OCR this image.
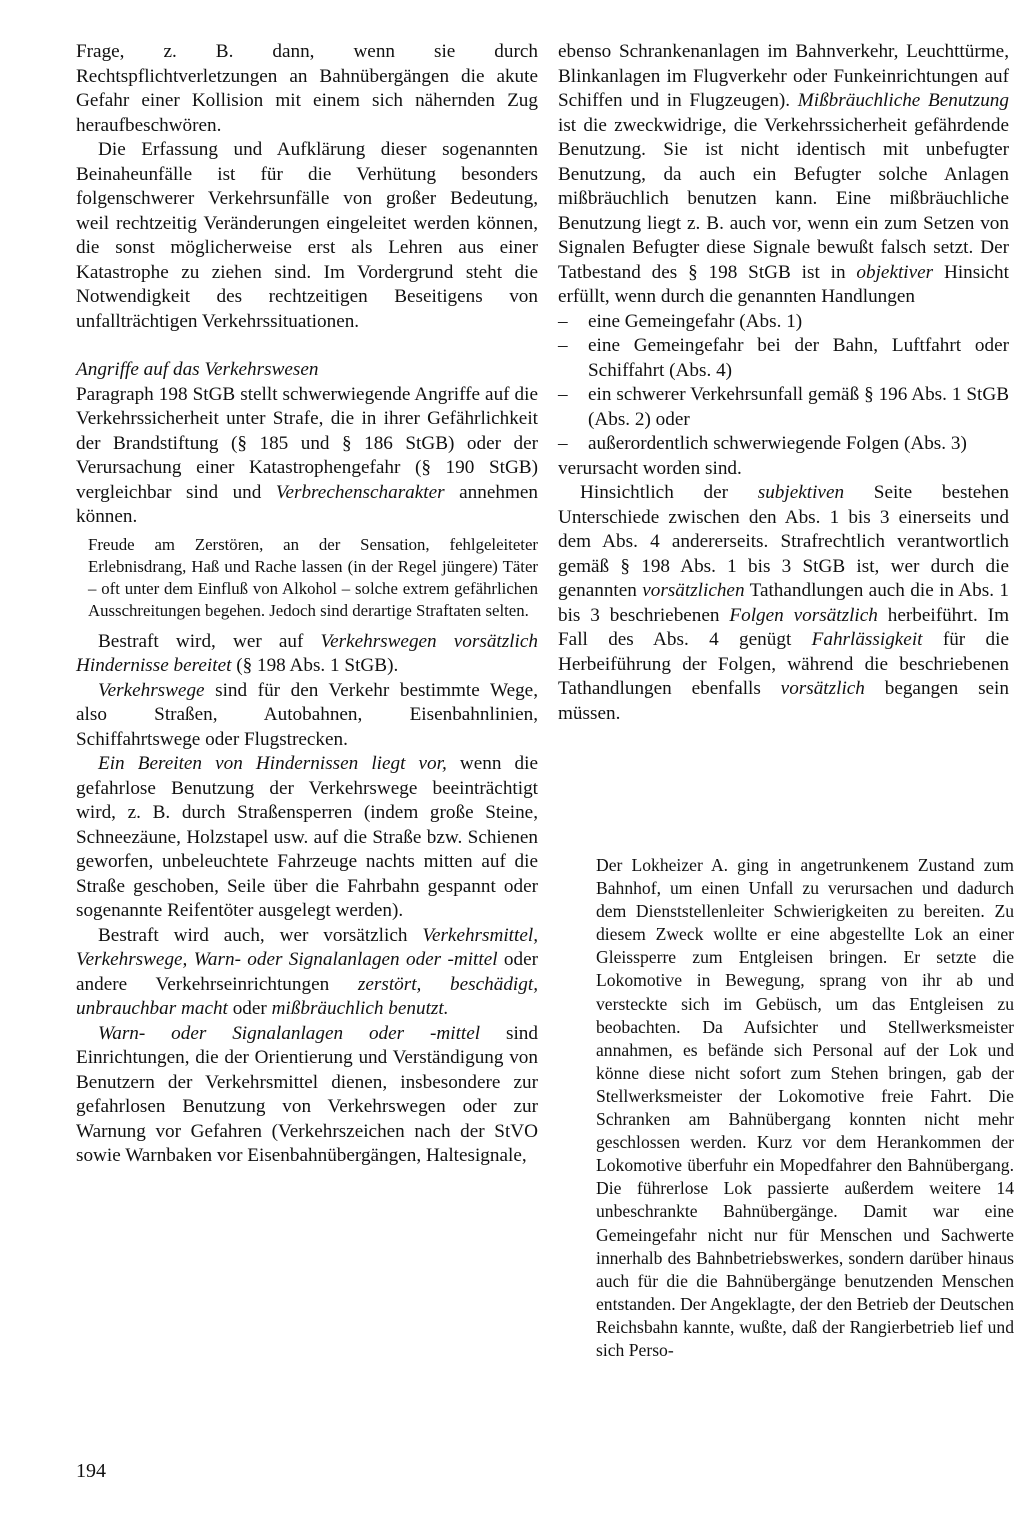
Frage, z. B. dann, wenn sie durch Rechtspflichtverletzungen an Bahnübergängen die akute Gefahr einer Kollision mit einem sich nähernden Zug heraufbeschwören.

Die Erfassung und Aufklärung dieser sogenannten Beinaheunfälle ist für die Verhütung besonders folgenschwerer Verkehrsunfälle von großer Bedeutung, weil rechtzeitig Veränderungen eingeleitet werden können, die sonst möglicherweise erst als Lehren aus einer Katastrophe zu ziehen sind. Im Vordergrund steht die Notwendigkeit des rechtzeitigen Beseitigens von unfallträchtigen Verkehrssituationen.

Angriffe auf das Verkehrswesen

Paragraph 198 StGB stellt schwerwiegende Angriffe auf die Verkehrssicherheit unter Strafe, die in ihrer Gefährlichkeit der Brandstiftung (§ 185 und § 186 StGB) oder der Verursachung einer Katastrophengefahr (§ 190 StGB) vergleichbar sind und Verbrechenscharakter annehmen können.

Freude am Zerstören, an der Sensation, fehlgeleiteter Erlebnisdrang, Haß und Rache lassen (in der Regel jüngere) Täter – oft unter dem Einfluß von Alkohol – solche extrem gefährlichen Ausschreitungen begehen. Jedoch sind derartige Straftaten selten.

Bestraft wird, wer auf Verkehrswegen vorsätzlich Hindernisse bereitet (§ 198 Abs. 1 StGB).

Verkehrswege sind für den Verkehr bestimmte Wege, also Straßen, Autobahnen, Eisenbahnlinien, Schiffahrtswege oder Flugstrecken.

Ein Bereiten von Hindernissen liegt vor, wenn die gefahrlose Benutzung der Verkehrswege beeinträchtigt wird, z. B. durch Straßensperren (indem große Steine, Schneezäune, Holzstapel usw. auf die Straße bzw. Schienen geworfen, unbeleuchtete Fahrzeuge nachts mitten auf die Straße geschoben, Seile über die Fahrbahn gespannt oder sogenannte Reifentöter ausgelegt werden).

Bestraft wird auch, wer vorsätzlich Verkehrsmittel, Verkehrswege, Warn- oder Signalanlagen oder -mittel oder andere Verkehrseinrichtungen zerstört, beschädigt, unbrauchbar macht oder mißbräuchlich benutzt.

Warn- oder Signalanlagen oder -mittel sind Einrichtungen, die der Orientierung und Verständigung von Benutzern der Verkehrsmittel dienen, insbesondere zur gefahrlosen Benutzung von Verkehrswegen oder zur Warnung vor Gefahren (Verkehrszeichen nach der StVO sowie Warnbaken vor Eisenbahnübergängen, Haltesignale,

ebenso Schrankenanlagen im Bahnverkehr, Leuchttürme, Blinkanlagen im Flugverkehr oder Funkeinrichtungen auf Schiffen und in Flugzeugen). Mißbräuchliche Benutzung ist die zweckwidrige, die Verkehrssicherheit gefährdende Benutzung. Sie ist nicht identisch mit unbefugter Benutzung, da auch ein Befugter solche Anlagen mißbräuchlich benutzen kann. Eine mißbräuchliche Benutzung liegt z. B. auch vor, wenn ein zum Setzen von Signalen Befugter diese Signale bewußt falsch setzt. Der Tatbestand des § 198 StGB ist in objektiver Hinsicht erfüllt, wenn durch die genannten Handlungen

– eine Gemeingefahr (Abs. 1)
– eine Gemeingefahr bei der Bahn, Luftfahrt oder Schiffahrt (Abs. 4)
– ein schwerer Verkehrsunfall gemäß § 196 Abs. 1 StGB (Abs. 2) oder
– außerordentlich schwerwiegende Folgen (Abs. 3)

verursacht worden sind.

Hinsichtlich der subjektiven Seite bestehen Unterschiede zwischen den Abs. 1 bis 3 einerseits und dem Abs. 4 andererseits. Strafrechtlich verantwortlich gemäß § 198 Abs. 1 bis 3 StGB ist, wer durch die genannten vorsätzlichen Tathandlungen auch die in Abs. 1 bis 3 beschriebenen Folgen vorsätzlich herbeiführt. Im Fall des Abs. 4 genügt Fahrlässigkeit für die Herbeiführung der Folgen, während die beschriebenen Tathandlungen ebenfalls vorsätzlich begangen sein müssen.

Der Lokheizer A. ging in angetrunkenem Zustand zum Bahnhof, um einen Unfall zu verursachen und dadurch dem Dienststellenleiter Schwierigkeiten zu bereiten. Zu diesem Zweck wollte er eine abgestellte Lok an einer Gleissperre zum Entgleisen bringen. Er setzte die Lokomotive in Bewegung, sprang von ihr ab und versteckte sich im Gebüsch, um das Entgleisen zu beobachten. Da Aufsichter und Stellwerksmeister annahmen, es befände sich Personal auf der Lok und könne diese nicht sofort zum Stehen bringen, gab der Stellwerksmeister der Lokomotive freie Fahrt. Die Schranken am Bahnübergang konnten nicht mehr geschlossen werden. Kurz vor dem Herankommen der Lokomotive überfuhr ein Mopedfahrer den Bahnübergang. Die führerlose Lok passierte außerdem weitere 14 unbeschrankte Bahnübergänge. Damit war eine Gemeingefahr nicht nur für Menschen und Sachwerte innerhalb des Bahnbetriebswerkes, sondern darüber hinaus auch für die die Bahnübergänge benutzenden Menschen entstanden. Der Angeklagte, der den Betrieb der Deutschen Reichsbahn kannte, wußte, daß der Rangierbetrieb lief und sich Perso-
194
